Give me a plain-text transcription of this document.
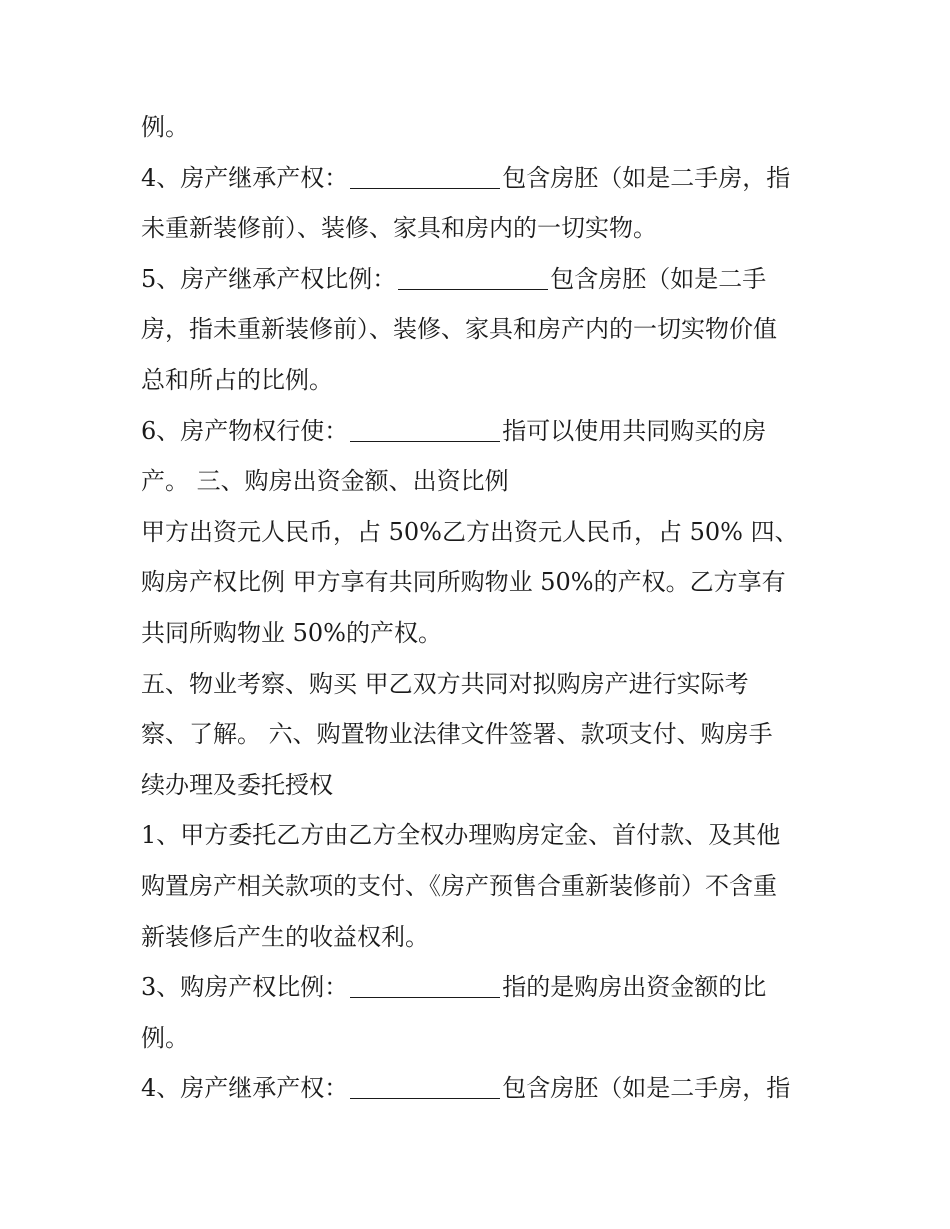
例。
4、房产继承产权：	包含房胚（如是二手房，指
未重新装修前）、装修、家具和房内的一切实物。
5、房产继承产权比例：	包含房胚（如是二手
房，指未重新装修前）、装修、家具和房产内的一切实物价值
总和所占的比例。
6、房产物权行使：	指可以使用共同购买的房
产。 三、购房出资金额、出资比例
甲方出资元人民币，占 50%乙方出资元人民币，占 50% 四、
购房产权比例 甲方享有共同所购物业 50%的产权。乙方享有
共同所购物业 50%的产权。
五、物业考察、购买 甲乙双方共同对拟购房产进行实际考
察、了解。 六、购置物业法律文件签署、款项支付、购房手
续办理及委托授权
1、甲方委托乙方由乙方全权办理购房定金、首付款、及其他
购置房产相关款项的支付、《房产预售合重新装修前）不含重
新装修后产生的收益权利。
3、购房产权比例：	指的是购房出资金额的比
例。
4、房产继承产权：	包含房胚（如是二手房，指
